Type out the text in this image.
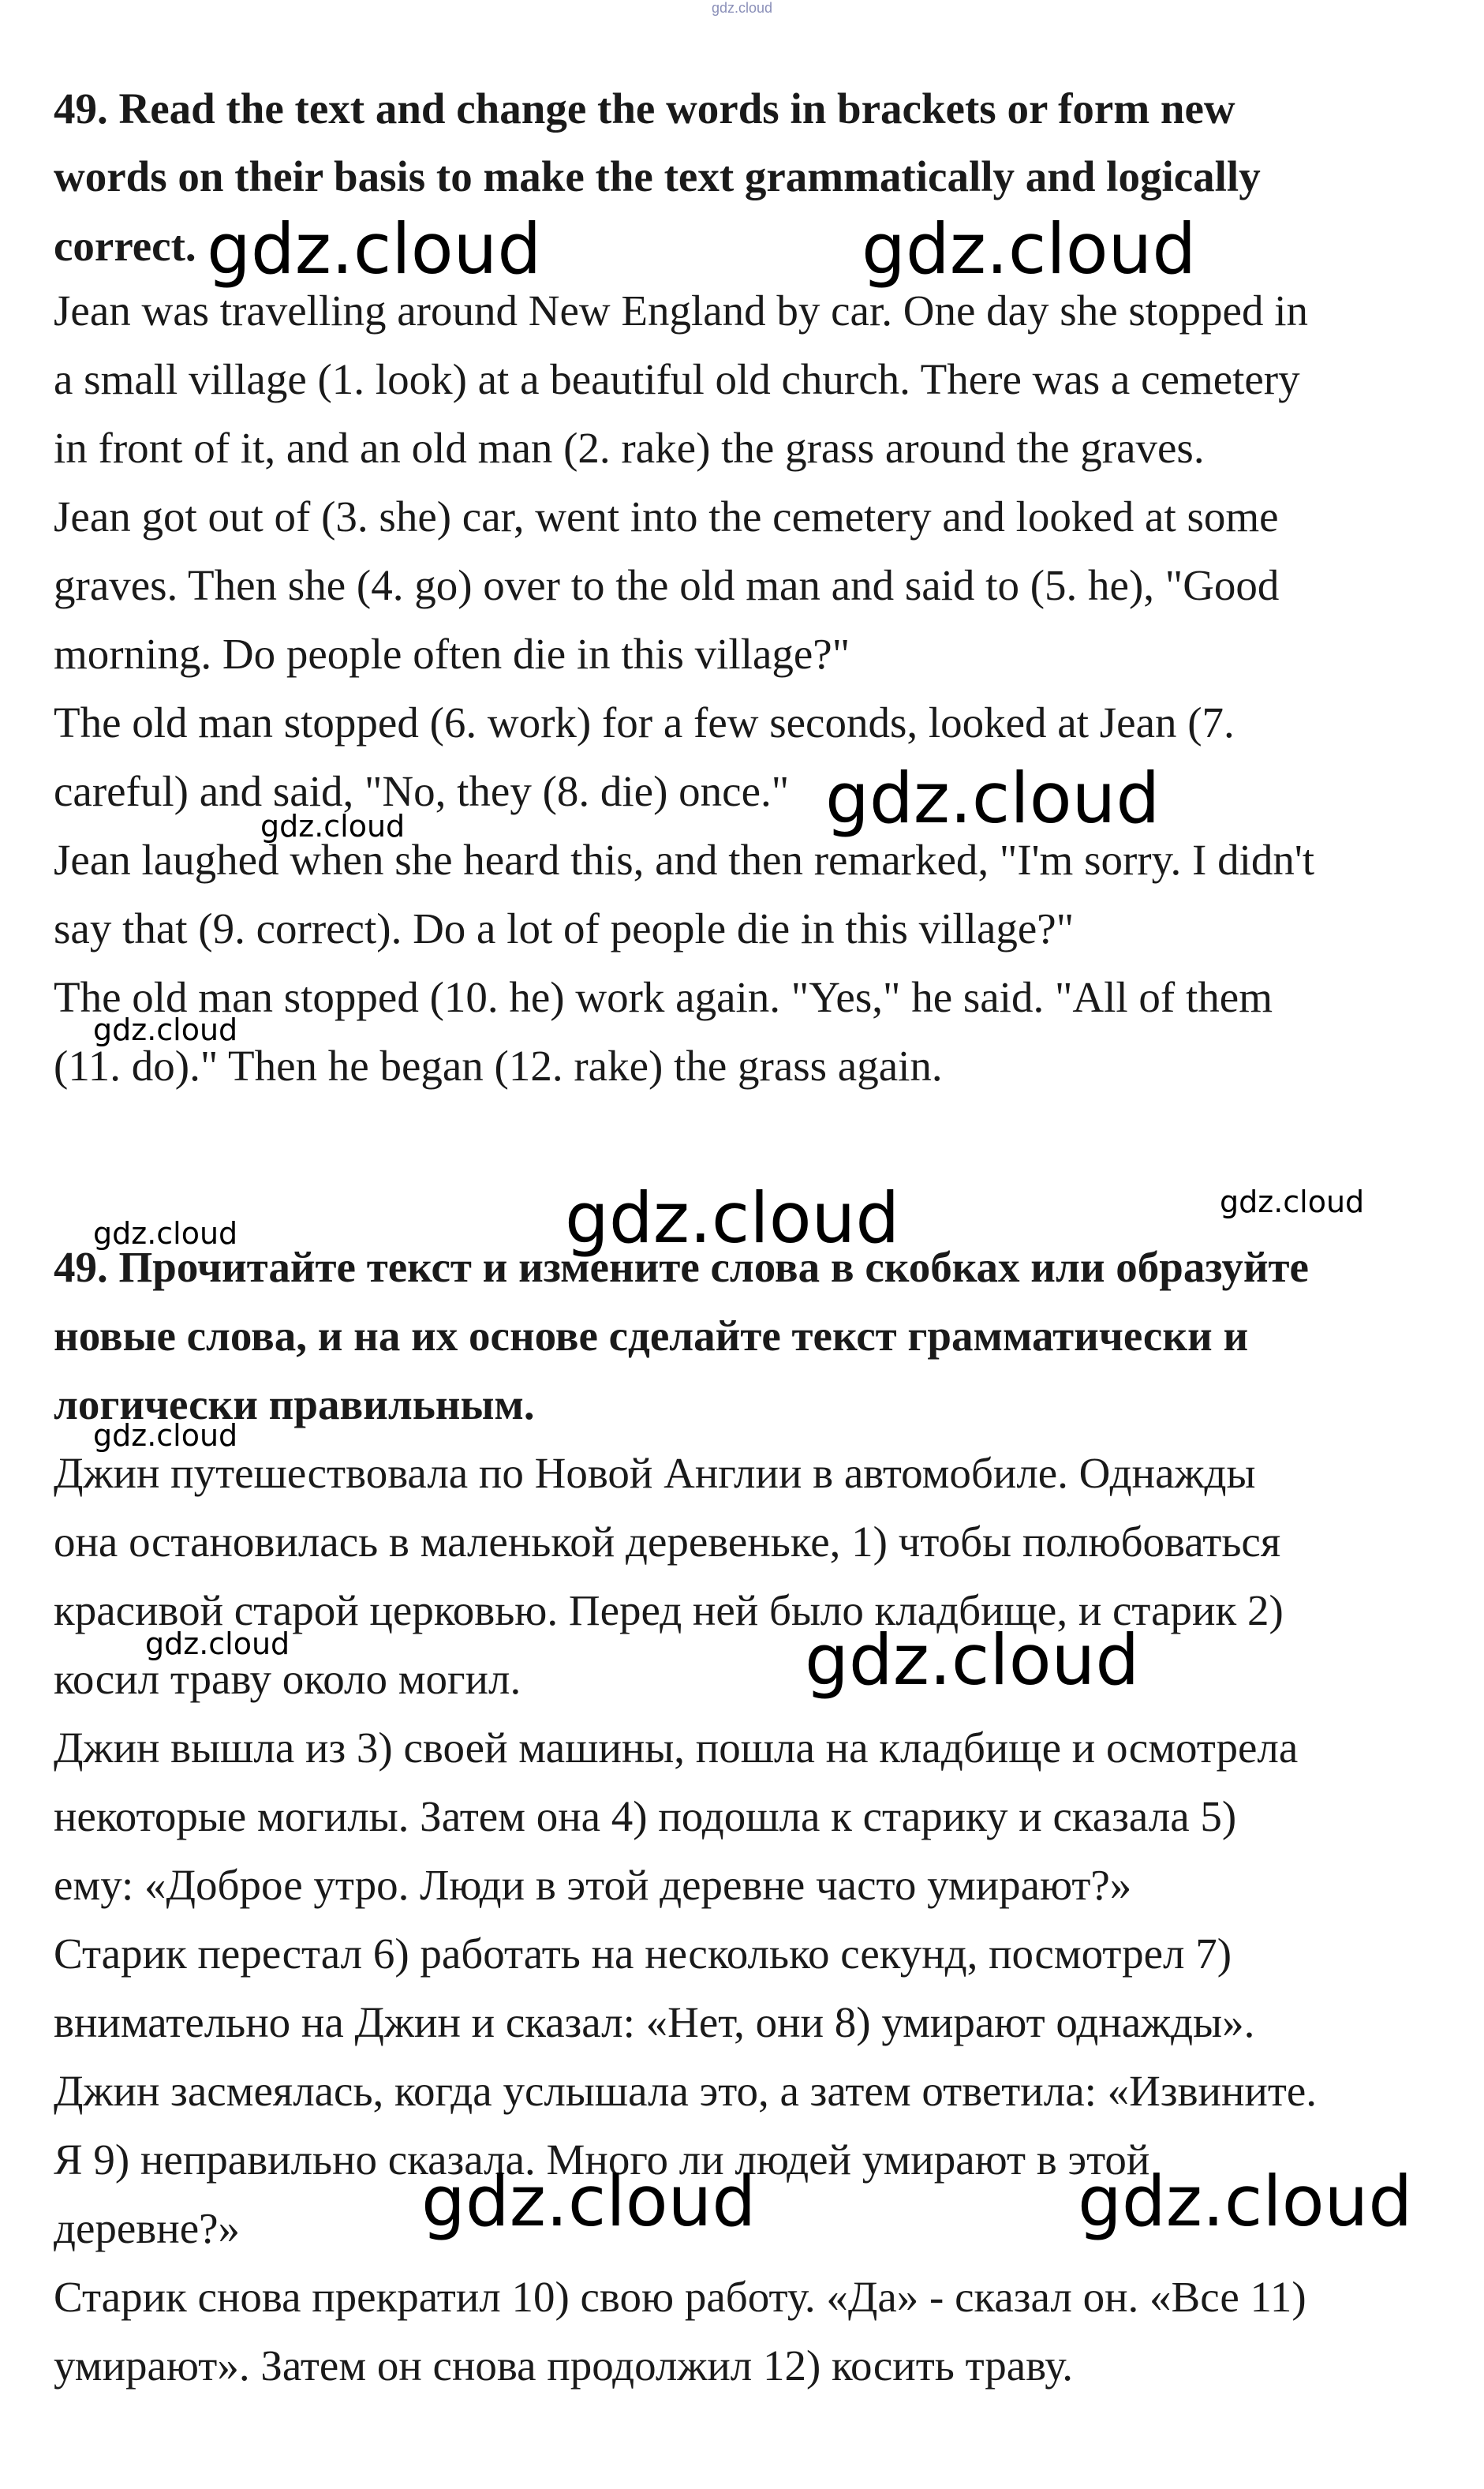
gdz.cloud
49. Read the text and change the words in brackets or form new
words on their basis to make the text grammatically and logically
correct.
Jean was travelling around New England by car. One day she stopped in
a small village (1. look) at a beautiful old church. There was a cemetery
in front of it, and an old man (2. rake) the grass around the graves.
Jean got out of (3. she) car, went into the cemetery and looked at some
graves. Then she (4. go) over to the old man and said to (5. he), "Good
morning. Do people often die in this village?"
The old man stopped (6. work) for a few seconds, looked at Jean (7.
careful) and said, "No, they (8. die) once."
Jean laughed when she heard this, and then remarked, "I'm sorry. I didn't
say that (9. correct). Do a lot of people die in this village?"
The old man stopped (10. he) work again. "Yes," he said. "All of them
(11. do)." Then he began (12. rake) the grass again.
49. Прочитайте текст и измените слова в скобках или образуйте
новые слова, и на их основе сделайте текст грамматически и
логически правильным.
Джин путешествовала по Новой Англии в автомобиле. Однажды
она остановилась в маленькой деревеньке, 1) чтобы полюбоваться
красивой старой церковью. Перед ней было кладбище, и старик 2)
косил траву около могил.
Джин вышла из 3) своей машины, пошла на кладбище и осмотрела
некоторые могилы. Затем она 4) подошла к старику и сказала 5)
ему: «Доброе утро. Люди в этой деревне часто умирают?»
Старик перестал 6) работать на несколько секунд, посмотрел 7)
внимательно на Джин и сказал: «Нет, они 8) умирают однажды».
Джин засмеялась, когда услышала это, а затем ответила: «Извините.
Я 9) неправильно сказала. Много ли людей умирают в этой
деревне?»
Старик снова прекратил 10) свою работу. «Да» - сказал он. «Все 11)
умирают». Затем он снова продолжил 12) косить траву.
gdz.cloud	gdz.cloud
gdz.cloud
gdz.cloud
gdz.cloud
gdz.cloud	gdz.cloud
gdz.cloud
gdz.cloud
gdz.cloud
gdz.cloud
gdz.cloud
gdz.cloud
